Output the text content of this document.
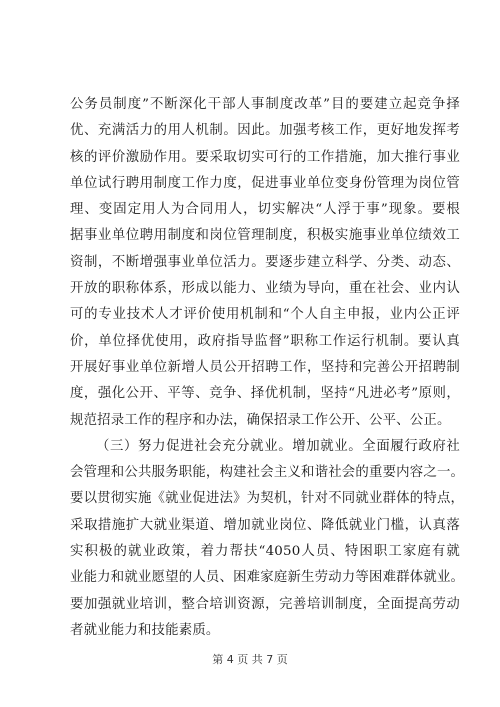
公务员制度”不断深化干部人事制度改革”目的要建立起竞争择
优、充满活力的用人机制。因此。加强考核工作，更好地发挥考
核的评价激励作用。要采取切实可行的工作措施，加大推行事业
单位试行聘用制度工作力度，促进事业单位变身份管理为岗位管
理、变固定用人为合同用人，切实解决“人浮于事”现象。要根
据事业单位聘用制度和岗位管理制度，积极实施事业单位绩效工
资制，不断增强事业单位活力。要逐步建立科学、分类、动态、
开放的职称体系，形成以能力、业绩为导向，重在社会、业内认
可的专业技术人才评价使用机制和“个人自主申报，业内公正评
价，单位择优使用，政府指导监督”职称工作运行机制。要认真
开展好事业单位新增人员公开招聘工作，坚持和完善公开招聘制
度，强化公开、平等、竞争、择优机制，坚持“凡进必考”原则，
规范招录工作的程序和办法，确保招录工作公开、公平、公正。
（三）努力促进社会充分就业。增加就业。全面履行政府社
会管理和公共服务职能，构建社会主义和谐社会的重要内容之一。
要以贯彻实施《就业促进法》为契机，针对不同就业群体的特点，
采取措施扩大就业渠道、增加就业岗位、降低就业门槛，认真落
实积极的就业政策，着力帮扶“4050人员、特困职工家庭有就
业能力和就业愿望的人员、困难家庭新生劳动力等困难群体就业。
要加强就业培训，整合培训资源，完善培训制度，全面提高劳动
者就业能力和技能素质。
第 4 页 共 7 页
